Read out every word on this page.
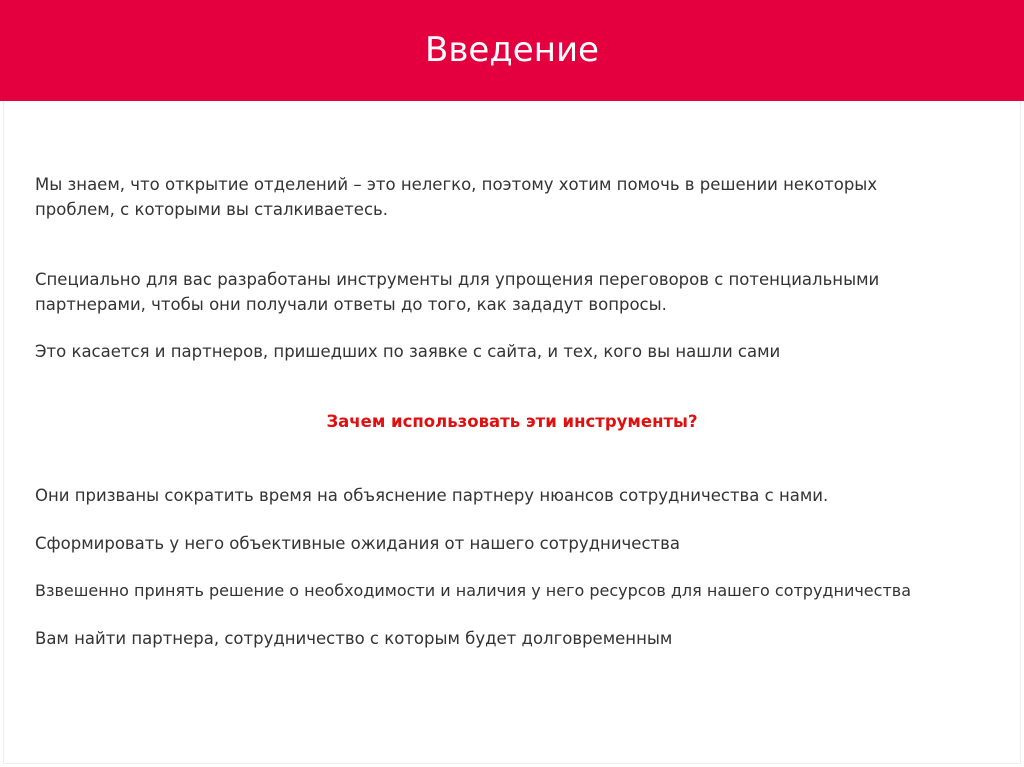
Введение
Мы знаем, что открытие отделений – это нелегко, поэтому хотим помочь в решении некоторых проблем, с которыми вы сталкиваетесь.
Специально для вас разработаны инструменты для упрощения переговоров с потенциальными партнерами, чтобы они получали ответы до того, как зададут вопросы.
Это касается и партнеров, пришедших по заявке с сайта, и тех, кого вы нашли сами
Зачем использовать эти инструменты?
Они призваны сократить время на объяснение партнеру нюансов сотрудничества с нами.
Сформировать у него объективные ожидания от нашего сотрудничества
Взвешенно принять решение о необходимости и наличия у него ресурсов для нашего сотрудничества
Вам найти партнера, сотрудничество с которым будет долговременным
